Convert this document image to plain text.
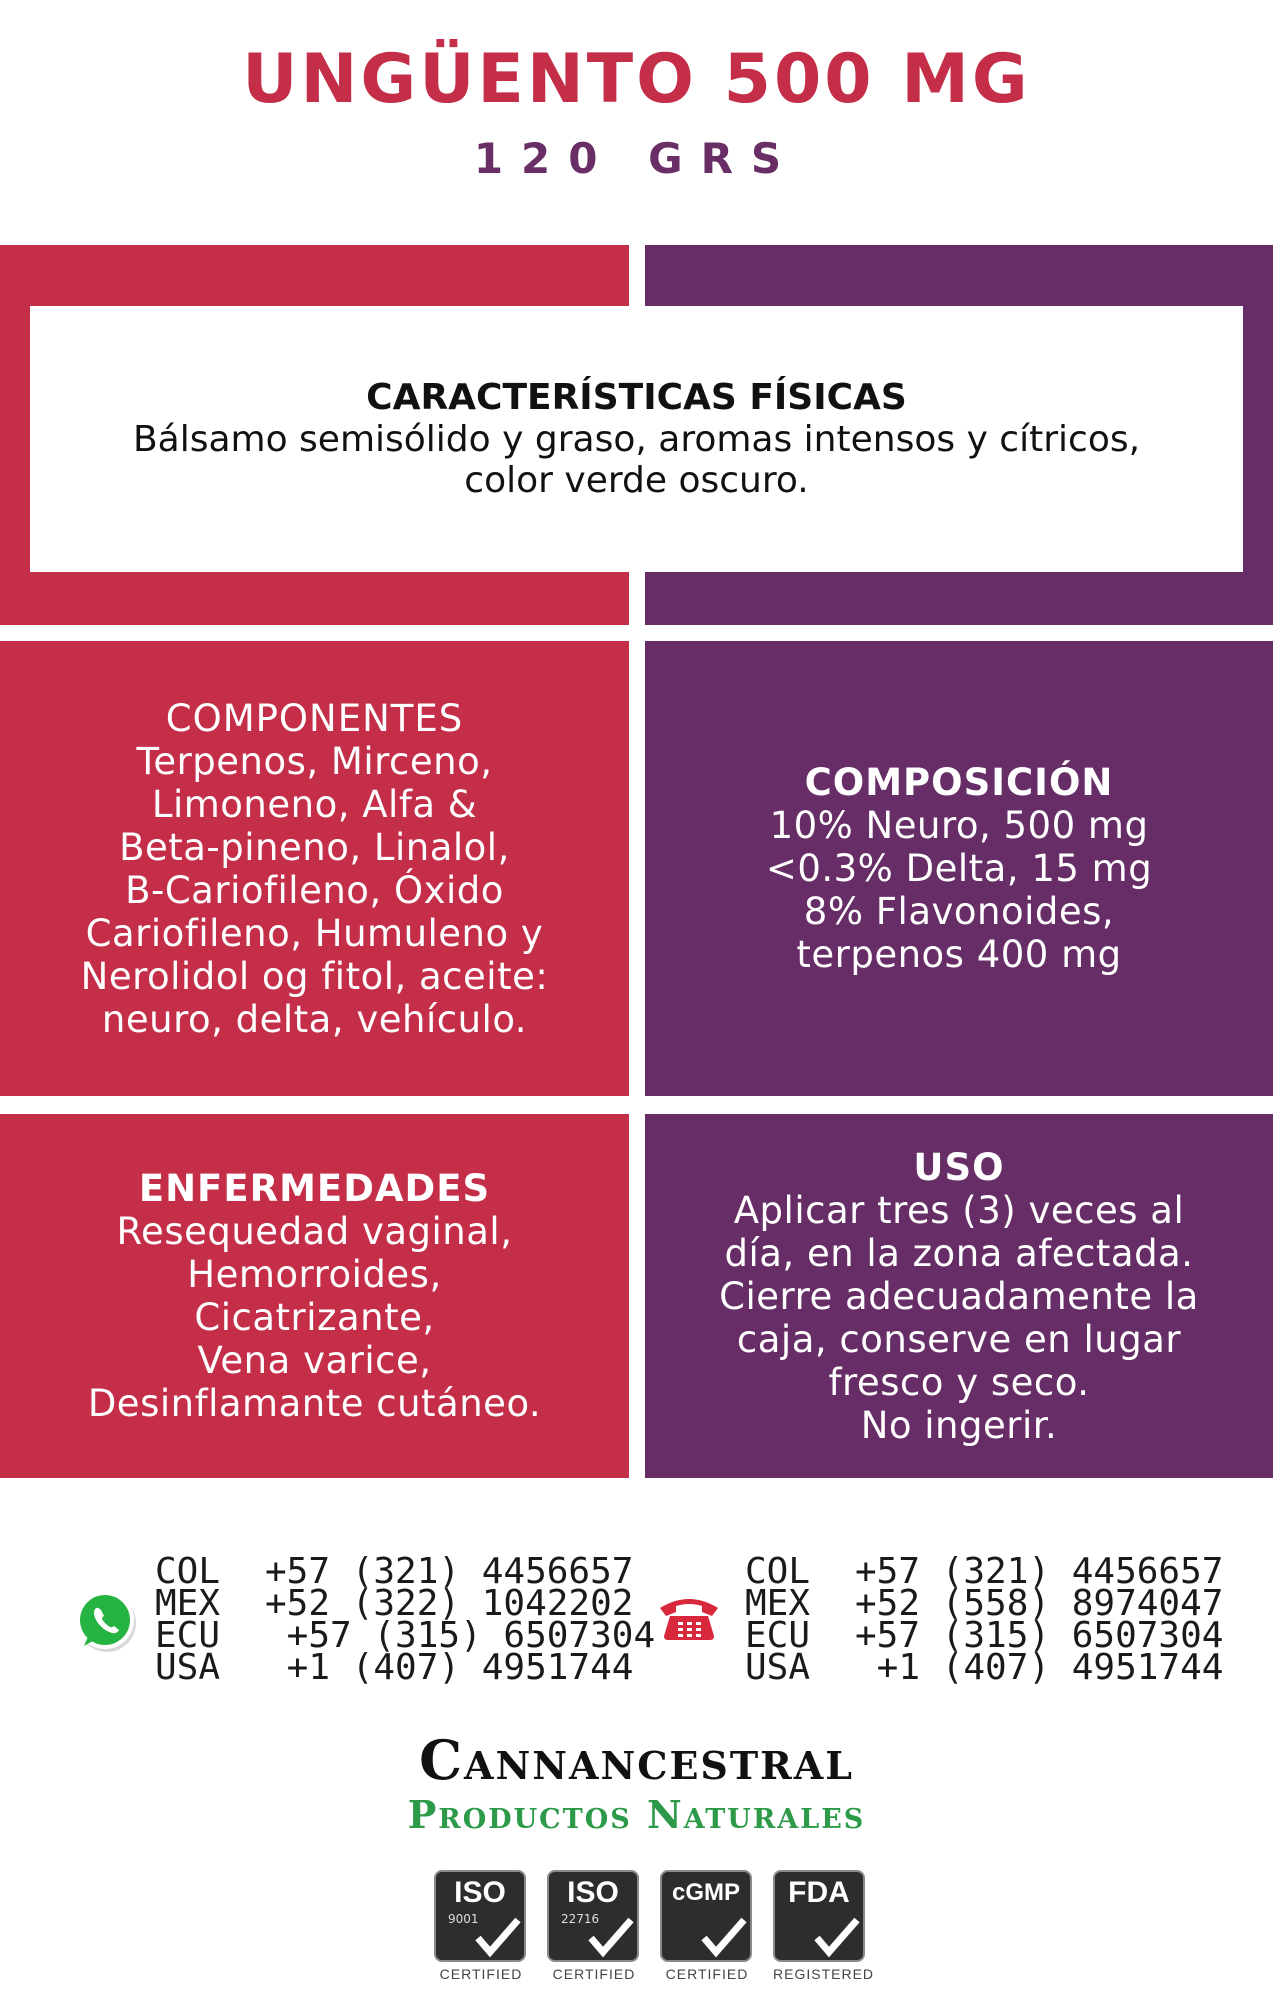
UNGÜENTO 500 MG
120 GRS
CARACTERÍSTICAS FÍSICAS
Bálsamo semisólido y graso, aromas intensos y cítricos,
color verde oscuro.
COMPONENTES
Terpenos, Mirceno,
Limoneno, Alfa &
Beta-pineno, Linalol,
B-Cariofileno, Óxido
Cariofileno, Humuleno y
Nerolidol og fitol, aceite:
neuro, delta, vehículo.
COMPOSICIÓN
10% Neuro, 500 mg
<0.3% Delta, 15 mg
8% Flavonoides,
terpenos 400 mg
ENFERMEDADES
Resequedad vaginal,
Hemorroides,
Cicatrizante,
Vena varice,
Desinflamante cutáneo.
USO
Aplicar tres (3) veces al
día, en la zona afectada.
Cierre adecuadamente la
caja, conserve en lugar
fresco y seco.
No ingerir.
COL	+57 (321) 4456657
MEX	+52 (322) 1042202
ECU	+57 (315) 6507304
USA	+1 (407) 4951744
COL	+57 (321) 4456657
MEX	+52 (558) 8974047
ECU	+57 (315) 6507304
USA	+1 (407) 4951744
Cannancestral
Productos Naturales
ISO
9001
CERTIFIED
ISO
22716
CERTIFIED
cGMP
CERTIFIED
FDA
REGISTERED
